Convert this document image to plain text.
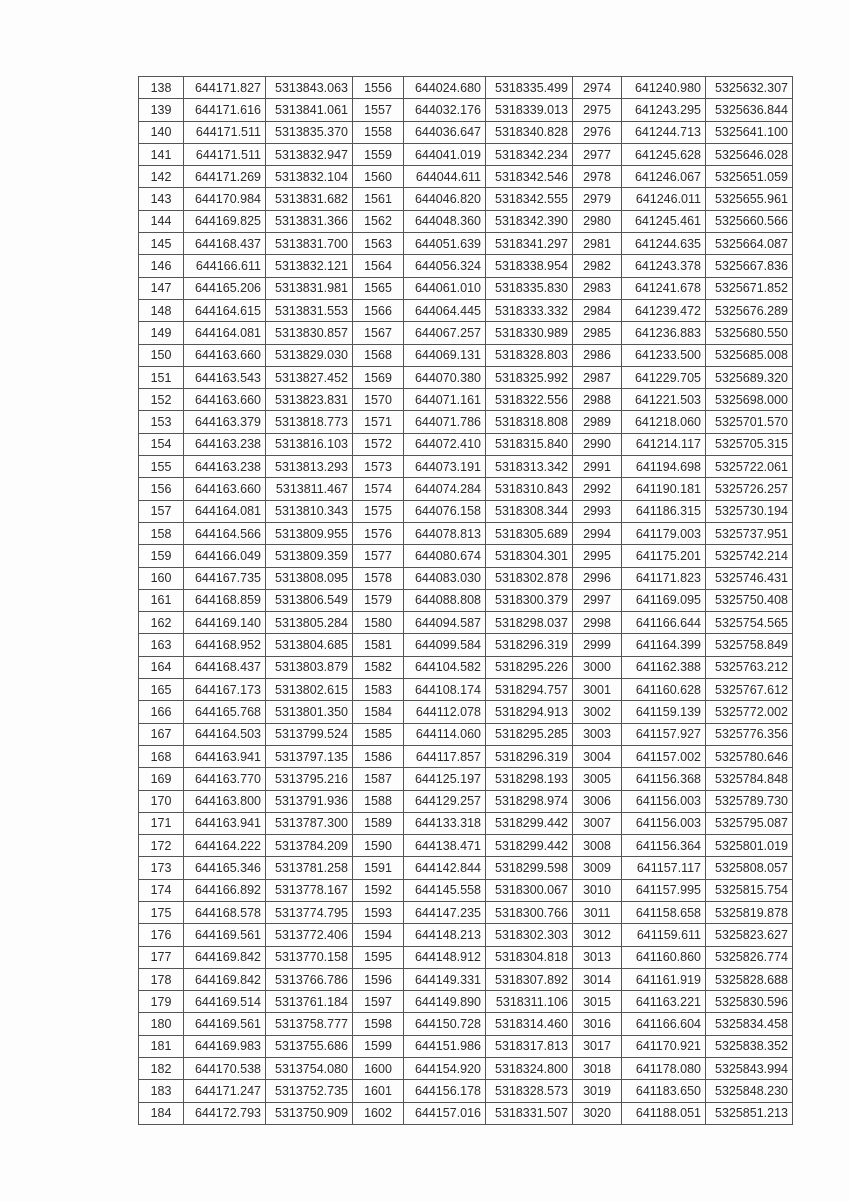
138	644171.827	5313843.063	1556	644024.680	5318335.499	2974	641240.980	5325632.307
139	644171.616	5313841.061	1557	644032.176	5318339.013	2975	641243.295	5325636.844
140	644171.511	5313835.370	1558	644036.647	5318340.828	2976	641244.713	5325641.100
141	644171.511	5313832.947	1559	644041.019	5318342.234	2977	641245.628	5325646.028
142	644171.269	5313832.104	1560	644044.611	5318342.546	2978	641246.067	5325651.059
143	644170.984	5313831.682	1561	644046.820	5318342.555	2979	641246.011	5325655.961
144	644169.825	5313831.366	1562	644048.360	5318342.390	2980	641245.461	5325660.566
145	644168.437	5313831.700	1563	644051.639	5318341.297	2981	641244.635	5325664.087
146	644166.611	5313832.121	1564	644056.324	5318338.954	2982	641243.378	5325667.836
147	644165.206	5313831.981	1565	644061.010	5318335.830	2983	641241.678	5325671.852
148	644164.615	5313831.553	1566	644064.445	5318333.332	2984	641239.472	5325676.289
149	644164.081	5313830.857	1567	644067.257	5318330.989	2985	641236.883	5325680.550
150	644163.660	5313829.030	1568	644069.131	5318328.803	2986	641233.500	5325685.008
151	644163.543	5313827.452	1569	644070.380	5318325.992	2987	641229.705	5325689.320
152	644163.660	5313823.831	1570	644071.161	5318322.556	2988	641221.503	5325698.000
153	644163.379	5313818.773	1571	644071.786	5318318.808	2989	641218.060	5325701.570
154	644163.238	5313816.103	1572	644072.410	5318315.840	2990	641214.117	5325705.315
155	644163.238	5313813.293	1573	644073.191	5318313.342	2991	641194.698	5325722.061
156	644163.660	5313811.467	1574	644074.284	5318310.843	2992	641190.181	5325726.257
157	644164.081	5313810.343	1575	644076.158	5318308.344	2993	641186.315	5325730.194
158	644164.566	5313809.955	1576	644078.813	5318305.689	2994	641179.003	5325737.951
159	644166.049	5313809.359	1577	644080.674	5318304.301	2995	641175.201	5325742.214
160	644167.735	5313808.095	1578	644083.030	5318302.878	2996	641171.823	5325746.431
161	644168.859	5313806.549	1579	644088.808	5318300.379	2997	641169.095	5325750.408
162	644169.140	5313805.284	1580	644094.587	5318298.037	2998	641166.644	5325754.565
163	644168.952	5313804.685	1581	644099.584	5318296.319	2999	641164.399	5325758.849
164	644168.437	5313803.879	1582	644104.582	5318295.226	3000	641162.388	5325763.212
165	644167.173	5313802.615	1583	644108.174	5318294.757	3001	641160.628	5325767.612
166	644165.768	5313801.350	1584	644112.078	5318294.913	3002	641159.139	5325772.002
167	644164.503	5313799.524	1585	644114.060	5318295.285	3003	641157.927	5325776.356
168	644163.941	5313797.135	1586	644117.857	5318296.319	3004	641157.002	5325780.646
169	644163.770	5313795.216	1587	644125.197	5318298.193	3005	641156.368	5325784.848
170	644163.800	5313791.936	1588	644129.257	5318298.974	3006	641156.003	5325789.730
171	644163.941	5313787.300	1589	644133.318	5318299.442	3007	641156.003	5325795.087
172	644164.222	5313784.209	1590	644138.471	5318299.442	3008	641156.364	5325801.019
173	644165.346	5313781.258	1591	644142.844	5318299.598	3009	641157.117	5325808.057
174	644166.892	5313778.167	1592	644145.558	5318300.067	3010	641157.995	5325815.754
175	644168.578	5313774.795	1593	644147.235	5318300.766	3011	641158.658	5325819.878
176	644169.561	5313772.406	1594	644148.213	5318302.303	3012	641159.611	5325823.627
177	644169.842	5313770.158	1595	644148.912	5318304.818	3013	641160.860	5325826.774
178	644169.842	5313766.786	1596	644149.331	5318307.892	3014	641161.919	5325828.688
179	644169.514	5313761.184	1597	644149.890	5318311.106	3015	641163.221	5325830.596
180	644169.561	5313758.777	1598	644150.728	5318314.460	3016	641166.604	5325834.458
181	644169.983	5313755.686	1599	644151.986	5318317.813	3017	641170.921	5325838.352
182	644170.538	5313754.080	1600	644154.920	5318324.800	3018	641178.080	5325843.994
183	644171.247	5313752.735	1601	644156.178	5318328.573	3019	641183.650	5325848.230
184	644172.793	5313750.909	1602	644157.016	5318331.507	3020	641188.051	5325851.213
